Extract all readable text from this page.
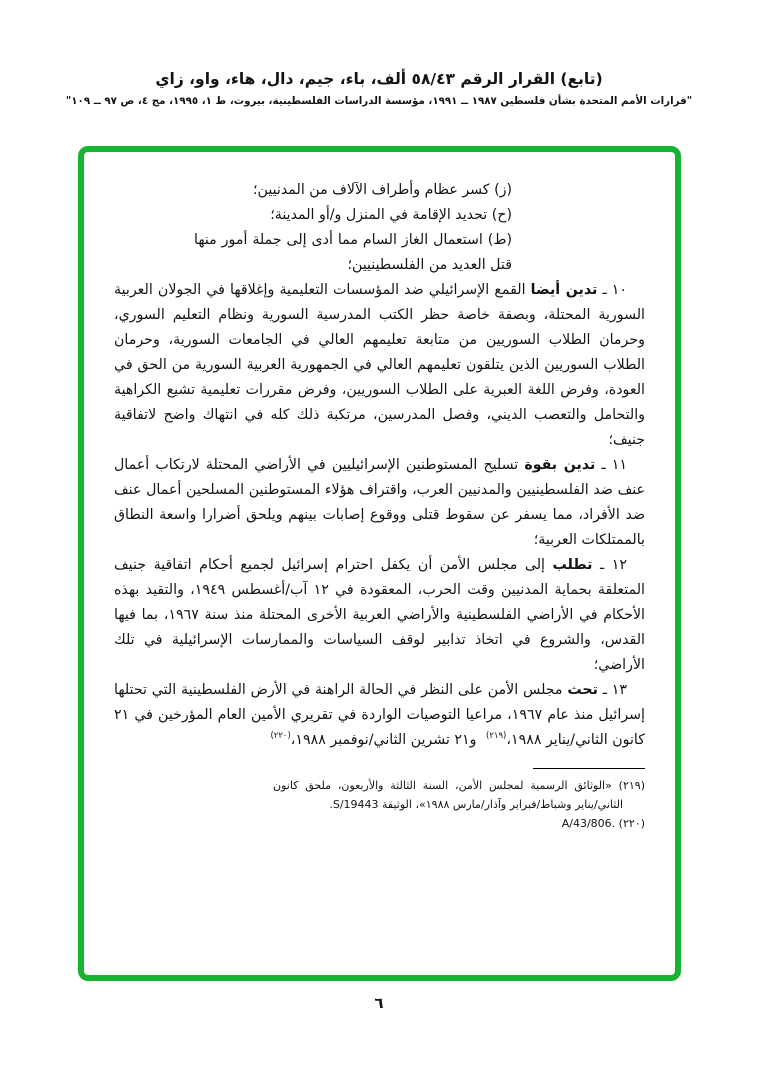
(تابع) القرار الرقم ٥٨/٤٣ ألف، باء، جيم، دال، هاء، واو، زاي
"قرارات الأمم المتحدة بشأن فلسطين ١٩٨٧ ــ ١٩٩١، مؤسسة الدراسات الفلسطينية، بيروت، ط ١، ١٩٩٥، مج ٤، ص ٩٧ ــ ١٠٩"

(ز) كسر عظام وأطراف الآلاف من المدنيين؛

(ح) تحديد الإقامة في المنزل و/أو المدينة؛

(ط) استعمال الغاز السام مما أدى إلى جملة أمور منها قتل العديد من الفلسطينيين؛

١٠ ـ تدين أيضا القمع الإسرائيلي ضد المؤسسات التعليمية وإغلاقها في الجولان العربية السورية المحتلة، وبصفة خاصة حظر الكتب المدرسية السورية ونظام التعليم السوري، وحرمان الطلاب السوريين من متابعة تعليمهم العالي في الجامعات السورية، وحرمان الطلاب السوريين الذين يتلقون تعليمهم العالي في الجمهورية العربية السورية من الحق في العودة، وفرض اللغة العبرية على الطلاب السوريين، وفرض مقررات تعليمية تشيع الكراهية والتحامل والتعصب الديني، وفصل المدرسين، مرتكبة ذلك كله في انتهاك واضح لاتفاقية جنيف؛

١١ ـ تدين بقوة تسليح المستوطنين الإسرائيليين في الأراضي المحتلة لارتكاب أعمال عنف ضد الفلسطينيين والمدنيين العرب، واقتراف هؤلاء المستوطنين المسلحين أعمال عنف ضد الأفراد، مما يسفر عن سقوط قتلى ووقوع إصابات بينهم ويلحق أضرارا واسعة النطاق بالممتلكات العربية؛

١٢ ـ تطلب إلى مجلس الأمن أن يكفل احترام إسرائيل لجميع أحكام اتفاقية جنيف المتعلقة بحماية المدنيين وقت الحرب، المعقودة في ١٢ آب/أغسطس ١٩٤٩، والتقيد بهذه الأحكام في الأراضي الفلسطينية والأراضي العربية الأخرى المحتلة منذ سنة ١٩٦٧، بما فيها القدس، والشروع في اتخاذ تدابير لوقف السياسات والممارسات الإسرائيلية في تلك الأراضي؛

١٣ ـ تحث مجلس الأمن على النظر في الحالة الراهنة في الأرض الفلسطينية التي تحتلها إسرائيل منذ عام ١٩٦٧، مراعيا التوصيات الواردة في تقريري الأمين العام المؤرخين في ٢١ كانون الثاني/يناير ١٩٨٨،$^{(٢١٩)}$ و٢١ تشرين الثاني/نوفمبر ١٩٨٨،$^{(٢٢٠)}$

(٢١٩) «الوثائق الرسمية لمجلس الأمن، السنة الثالثة والأربعون، ملحق كانون الثاني/يناير وشباط/فبراير وآذار/مارس ١٩٨٨»، الوثيقة S/19443.

(٢٢٠) A/43/806.‎

٦
